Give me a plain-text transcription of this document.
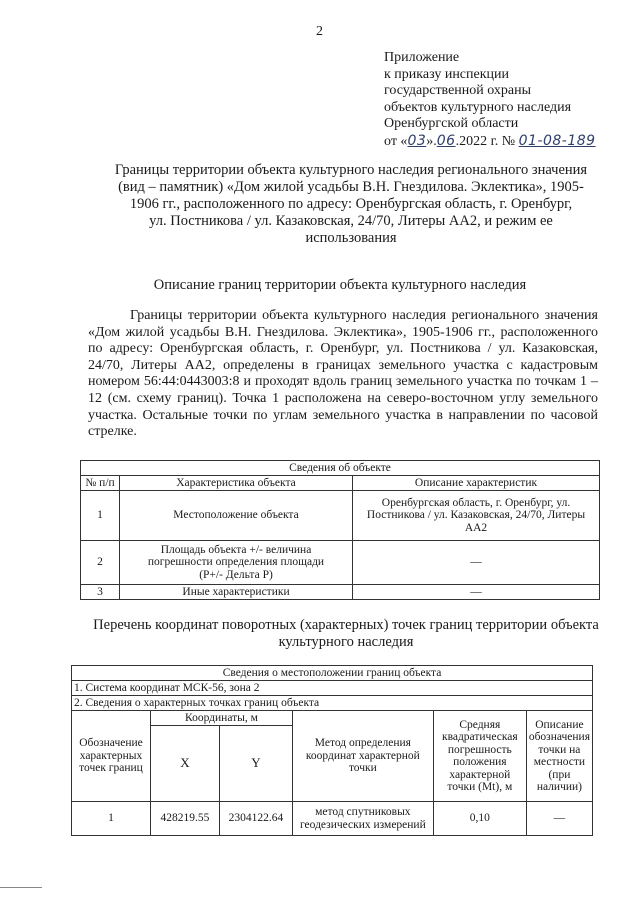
2
Приложение
к приказу инспекции
государственной охраны
объектов культурного наследия
Оренбургской области
от «03».06.2022 г. № 01-08-189
Границы территории объекта культурного наследия регионального значения
(вид – памятник) «Дом жилой усадьбы В.Н. Гнездилова. Эклектика», 1905-
1906 гг., расположенного по адресу: Оренбургская область, г. Оренбург,
ул. Постникова / ул. Казаковская, 24/70, Литеры АА2, и режим ее
использования
Описание границ территории объекта культурного наследия
Границы территории объекта культурного наследия регионального значения «Дом жилой усадьбы В.Н. Гнездилова. Эклектика», 1905-1906 гг., расположенного по адресу: Оренбургская область, г. Оренбург, ул. Постникова / ул. Казаковская, 24/70, Литеры АА2, определены в границах земельного участка с кадастровым номером 56:44:0443003:8 и проходят вдоль границ земельного участка по точкам 1 – 12 (см. схему границ). Точка 1 расположена на северо-восточном углу земельного участка. Остальные точки по углам земельного участка в направлении по часовой стрелке.
Сведения об объекте		
№ п/п	Характеристика объекта	Описание характеристик
1	Местоположение объекта	Оренбургская область, г. Оренбург, ул. Постникова / ул. Казаковская, 24/70, Литеры АА2
2	Площадь объекта +/- величина погрешности определения площади (Р+/- Дельта Р)	—
3	Иные характеристики	—
Перечень координат поворотных (характерных) точек границ территории объекта культурного наследия
Сведения о местоположении границ объекта					
1. Система координат МСК-56, зона 2					
2. Сведения о характерных точках границ объекта					
Обозначение характерных точек границ	Координаты, м		Метод определения координат характерной точки	Средняя квадратическая погрешность положения характерной точки (Mt), м	Описание обозначения точки на местности (при наличии)
	X	Y			
1	428219.55	2304122.64	метод спутниковых геодезических измерений	0,10	—
